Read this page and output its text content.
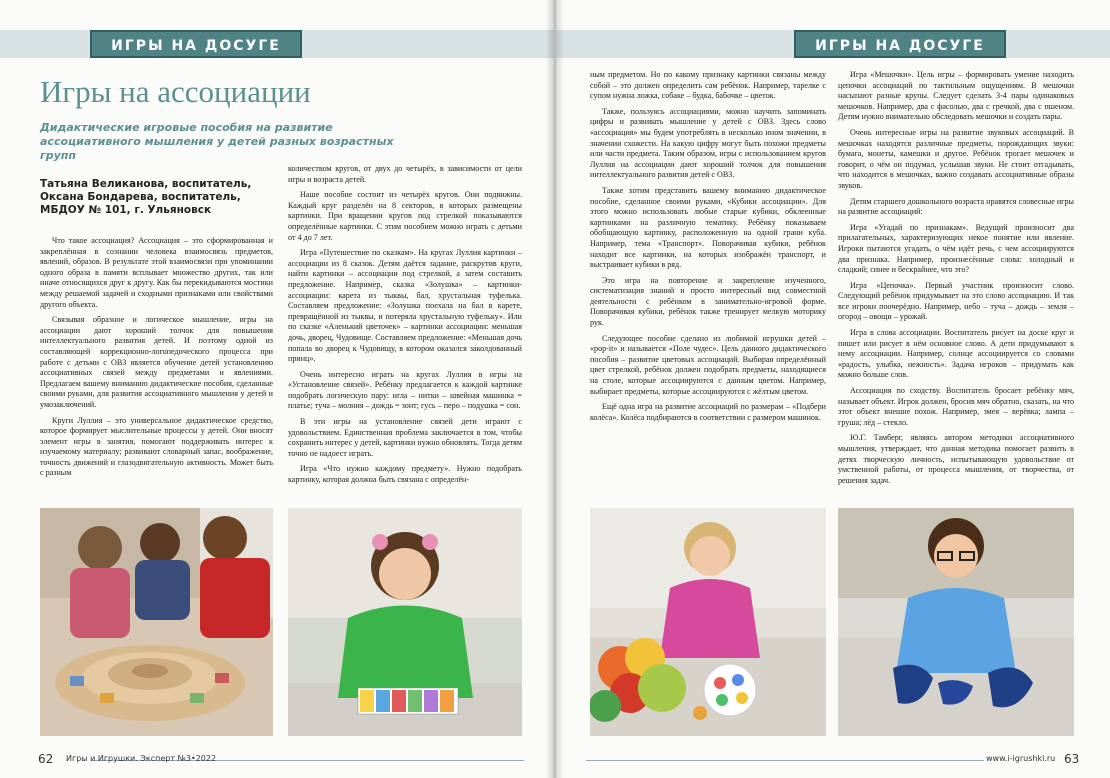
ИГРЫ НА ДОСУГЕ
Игры на ассоциации
Дидактические игровые пособия на развитие ассоциативного мышления у детей разных возрастных групп
Татьяна Великанова, воспитатель,
Оксана Бондарева, воспитатель,
МБДОУ № 101, г. Ульяновск

Что такое ассоциация? Ассоциация – это сформированная и закреплённая в сознании человека взаимосвязь предметов, явлений, образов. В результате этой взаимосвязи при упоминании одного образа в памяти всплывает множество других, так или иначе относящихся друг к другу. Как бы перекидываются мостики между решаемой задачей и сходными признаками или свойствами другого объекта.

Связывая образное и логическое мышление, игры на ассоциации дают хороший толчок для повышения интеллектуального развития детей. И поэтому одной из составляющей коррекционно-логопедического процесса при работе с детьми с ОВЗ является обучение детей установлению ассоциативных связей между предметами и явлениями. Предлагаем вашему вниманию дидактические пособия, сделанные своими руками, для развития ассоциативного мышления у детей и умозаключений.

Круги Луллия – это универсальное дидактическое средство, которое формирует мыслительные процессы у детей. Они вносят элемент игры в занятия, помогают поддерживать интерес к изучаемому материалу; развивают словарный запас, воображение, точность движений и глазодвигательную активность. Может быть с разным

количеством кругов, от двух до четырёх, в зависимости от цели игры и возраста детей.

Наше пособие состоит из четырёх кругов. Они подвижны. Каждый круг разделён на 8 секторов, в которых размещены картинки. При вращении кругов под стрелкой показываются определённые картинки. С этим пособием можно играть с детьми от 4 до 7 лет.

Игра «Путешествие по сказкам». На кругах Луллия картинки – ассоциации из 8 сказок. Детям даётся задание, раскрутив круги, найти картинки – ассоциации под стрелкой, а затем составить предложение. Например, сказка «Золушка» – картинки-ассоциации: карета из тыквы, бал, хрустальная туфелька. Составляем предложение: «Золушка поехала на бал в карете, превращённой из тыквы, и потеряла хрустальную туфельку». Или по сказке «Аленький цветочек» – картинки ассоциации: меньшая дочь, дворец, Чудовище. Составляем предложение: «Меньшая дочь попала во дворец к Чудовищу, в котором оказался заколдованный принц».

Очень интересно играть на кругах Луллия в игры на «Установление связей». Ребёнку предлагается к каждой картинке подобрать логическую пару: игла – нитки – швейная машинка = платье; туча – молния – дождь = зонт; гусь – перо – подушка = сон.

В эти игры на установление связей дети играют с удовольствием. Единственная проблема заключается в том, чтобы сохранить интерес у детей, картинки нужно обновлять. Тогда детям точно не надоест играть.

Игра «Что нужно каждому предмету». Нужно подобрать картинку, которая должна быть связана с определён-

62 Игры и Игрушки. Эксперт №3•2022
ИГРЫ НА ДОСУГЕ

ным предметом. Но по какому признаку картинки связаны между собой – это должен определить сам ребёнок. Например, тарелке с супом нужна ложка, собаке – будка, бабочке – цветок.

Также, пользуясь ассоциациями, можно научить запоминать цифры и развивать мышление у детей с ОВЗ. Здесь слово «ассоциация» мы будем употреблять в несколько ином значении, в значении схожести. На какую цифру могут быть похожи предметы или части предмета. Таким образом, игры с использованием кругов Луллия на ассоциации дают хороший толчок для повышения интеллектуального развития детей с ОВЗ.

Также хотим представить вашему вниманию дидактическое пособие, сделанное своими руками, «Кубики ассоциации». Для этого можно использовать любые старые кубики, обклеенные картинками на различную тематику. Ребёнку показываем обобщающую картинку, расположенную на одной грани куба. Например, тема «Транспорт». Поворачивая кубики, ребёнок находит все картинки, на которых изображён транспорт, и выстраивает кубики в ряд.

Это игра на повторение и закрепление изученного, систематизация знаний и просто интересный вид совместной деятельности с ребёнком в занимательно-игровой форме. Поворачивая кубики, ребёнок также тренирует мелкую моторику рук.

Следующее пособие сделано из любимой игрушки детей – «pop-it» и называется «Поле чудес». Цель данного дидактического пособия – развитие цветовых ассоциаций. Выбирая определённый цвет стрелкой, ребёнок должен подобрать предметы, находящиеся на столе, которые ассоциируются с данным цветом. Например, выбирает предметы, которые ассоциируются с жёлтым цветом.

Ещё одна игра на развитие ассоциаций по размерам – «Подбери колёса». Колёса подбираются в соответствии с размером машинок.

Игра «Мешочки». Цель игры – формировать умение находить цепочки ассоциаций по тактильным ощущениям. В мешочки насыпают разные крупы. Следует сделать 3-4 пары одинаковых мешочков. Например, два с фасолью, два с гречкой, два с пшеном. Детям нужно внимательно обследовать мешочки и создать пары.

Очень интересные игры на развитие звуковых ассоциаций. В мешочках находятся различные предметы, порождающих звуки: бумага, монеты, камешки и другое. Ребёнок трогает мешочек и говорит, о чём он подумал, услышав звуки. Не стоит отгадывать, что находится в мешочках, важно создавать ассоциативные образы звуков.

Детям старшего дошкольного возраста нравятся словесные игры на развитие ассоциаций:

Игра «Угадай по признакам». Ведущий произносит два прилагательных, характеризующих некое понятие или явление. Игроки пытаются угадать, о чём идёт речь, с чем ассоциируются два признака. Например, произнесённые слова: холодный и сладкий; синее и бескрайнее, что это?

Игра «Цепочка». Первый участник произносит слово. Следующий ребёнок придумывает на это слово ассоциацию. И так все игроки поочерёдно. Например, небо – туча – дождь – земля – огород – овощи – урожай.

Игра в слова ассоциации. Воспитатель рисует на доске круг и пишет или рисует в нём основное слово. А дети придумывают к нему ассоциации. Например, солнце ассоциируется со словами «радость, улыбка, нежность». Задача игроков – придумать как можно больше слов.

Ассоциация по сходству. Воспитатель бросает ребёнку мяч, называет объект. Игрок должен, бросив мяч обратно, сказать, на что этот объект внешне похож. Например, змея – верёвка; лампа – груша; лёд – стекло.

Ю.Г. Тамберг, являясь автором методики ассоциативного мышления, утверждает, что данная методика помогает развить в детях творческую личность, испытывающую удовольствие от умственной работы, от процесса мышления, от творчества, от решения задач.

www.i-igrushki.ru 63
